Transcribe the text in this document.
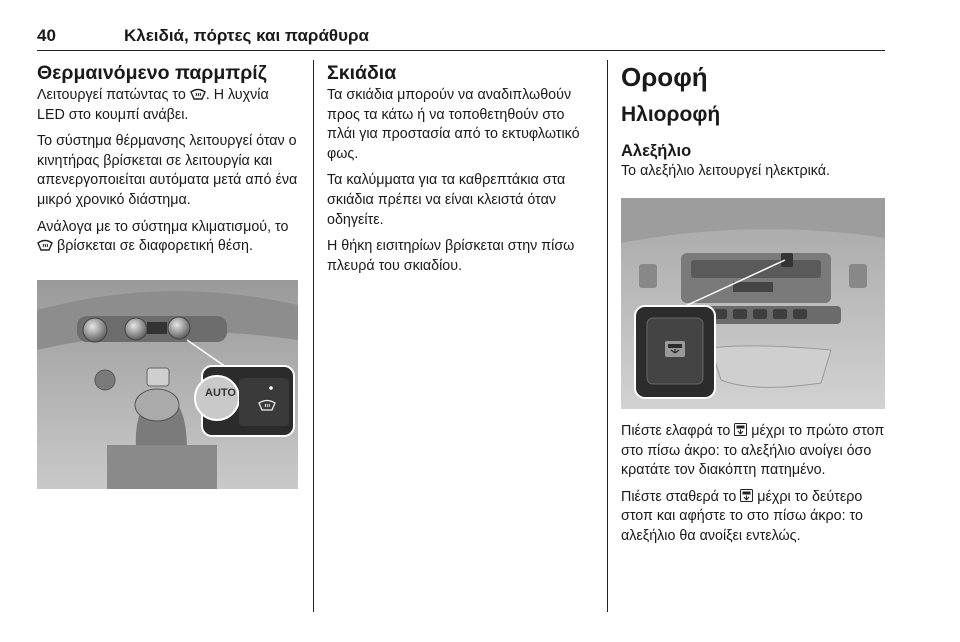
40	Κλειδιά, πόρτες και παράθυρα
Θερμαινόμενο παρμπρίζ

Λειτουργεί πατώντας το . Η λυχνία LED στο κουμπί ανάβει.

Το σύστημα θέρμανσης λειτουργεί όταν ο κινητήρας βρίσκεται σε λειτουργία και απενεργοποιείται αυτόματα μετά από ένα μικρό χρονικό διάστημα.

Ανάλογα με το σύστημα κλιματισμού, το  βρίσκεται σε διαφορετική θέση.

AUTO
Σκιάδια

Τα σκιάδια μπορούν να αναδιπλωθούν προς τα κάτω ή να τοποθετηθούν στο πλάι για προστασία από το εκτυφλωτικό φως.

Τα καλύμματα για τα καθρεπτάκια στα σκιάδια πρέπει να είναι κλειστά όταν οδηγείτε.

Η θήκη εισιτηρίων βρίσκεται στην πίσω πλευρά του σκιαδίου.

Οροφή
Ηλιοροφή
Αλεξήλιο

Το αλεξήλιο λειτουργεί ηλεκτρικά.

Πιέστε ελαφρά το  μέχρι το πρώτο στοπ στο πίσω άκρο: το αλεξήλιο ανοίγει όσο κρατάτε τον διακόπτη πατημένο.

Πιέστε σταθερά το  μέχρι το δεύτερο στοπ και αφήστε το στο πίσω άκρο: το αλεξήλιο θα ανοίξει εντελώς.
